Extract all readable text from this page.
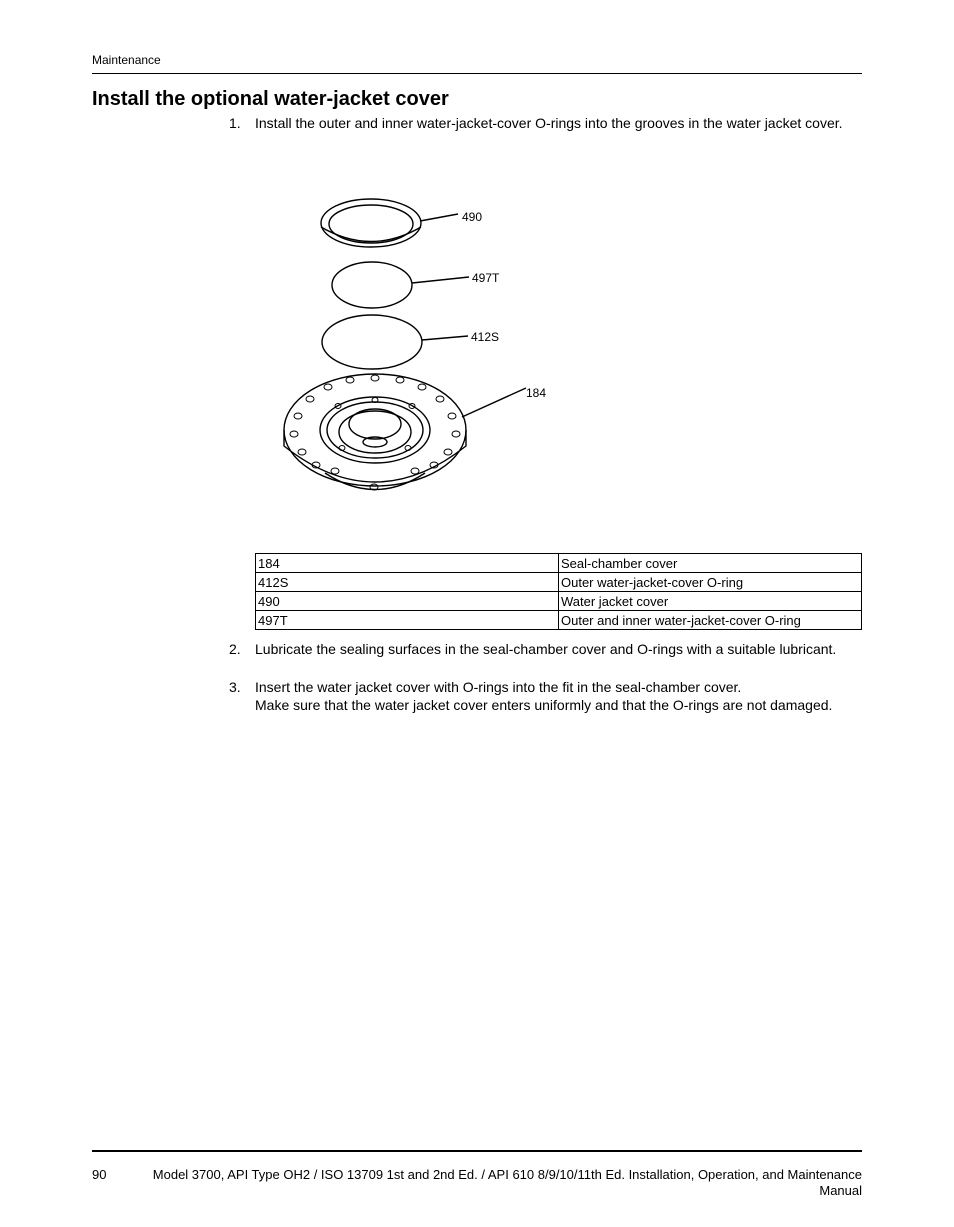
Maintenance
Install the optional water-jacket cover
1.	Install the outer and inner water-jacket-cover O-rings into the grooves in the water jacket cover.
490
497T
412S
184
184	Seal-chamber cover
412S	Outer water-jacket-cover O-ring
490	Water jacket cover
497T	Outer and inner water-jacket-cover O-ring
2.	Lubricate the sealing surfaces in the seal-chamber cover and O-rings with a suitable lubricant.
3.	Insert the water jacket cover with O-rings into the fit in the seal-chamber cover.
Make sure that the water jacket cover enters uniformly and that the O-rings are not damaged.
90	Model 3700, API Type OH2 / ISO 13709 1st and 2nd Ed. / API 610 8/9/10/11th Ed. Installation, Operation, and Maintenance Manual
